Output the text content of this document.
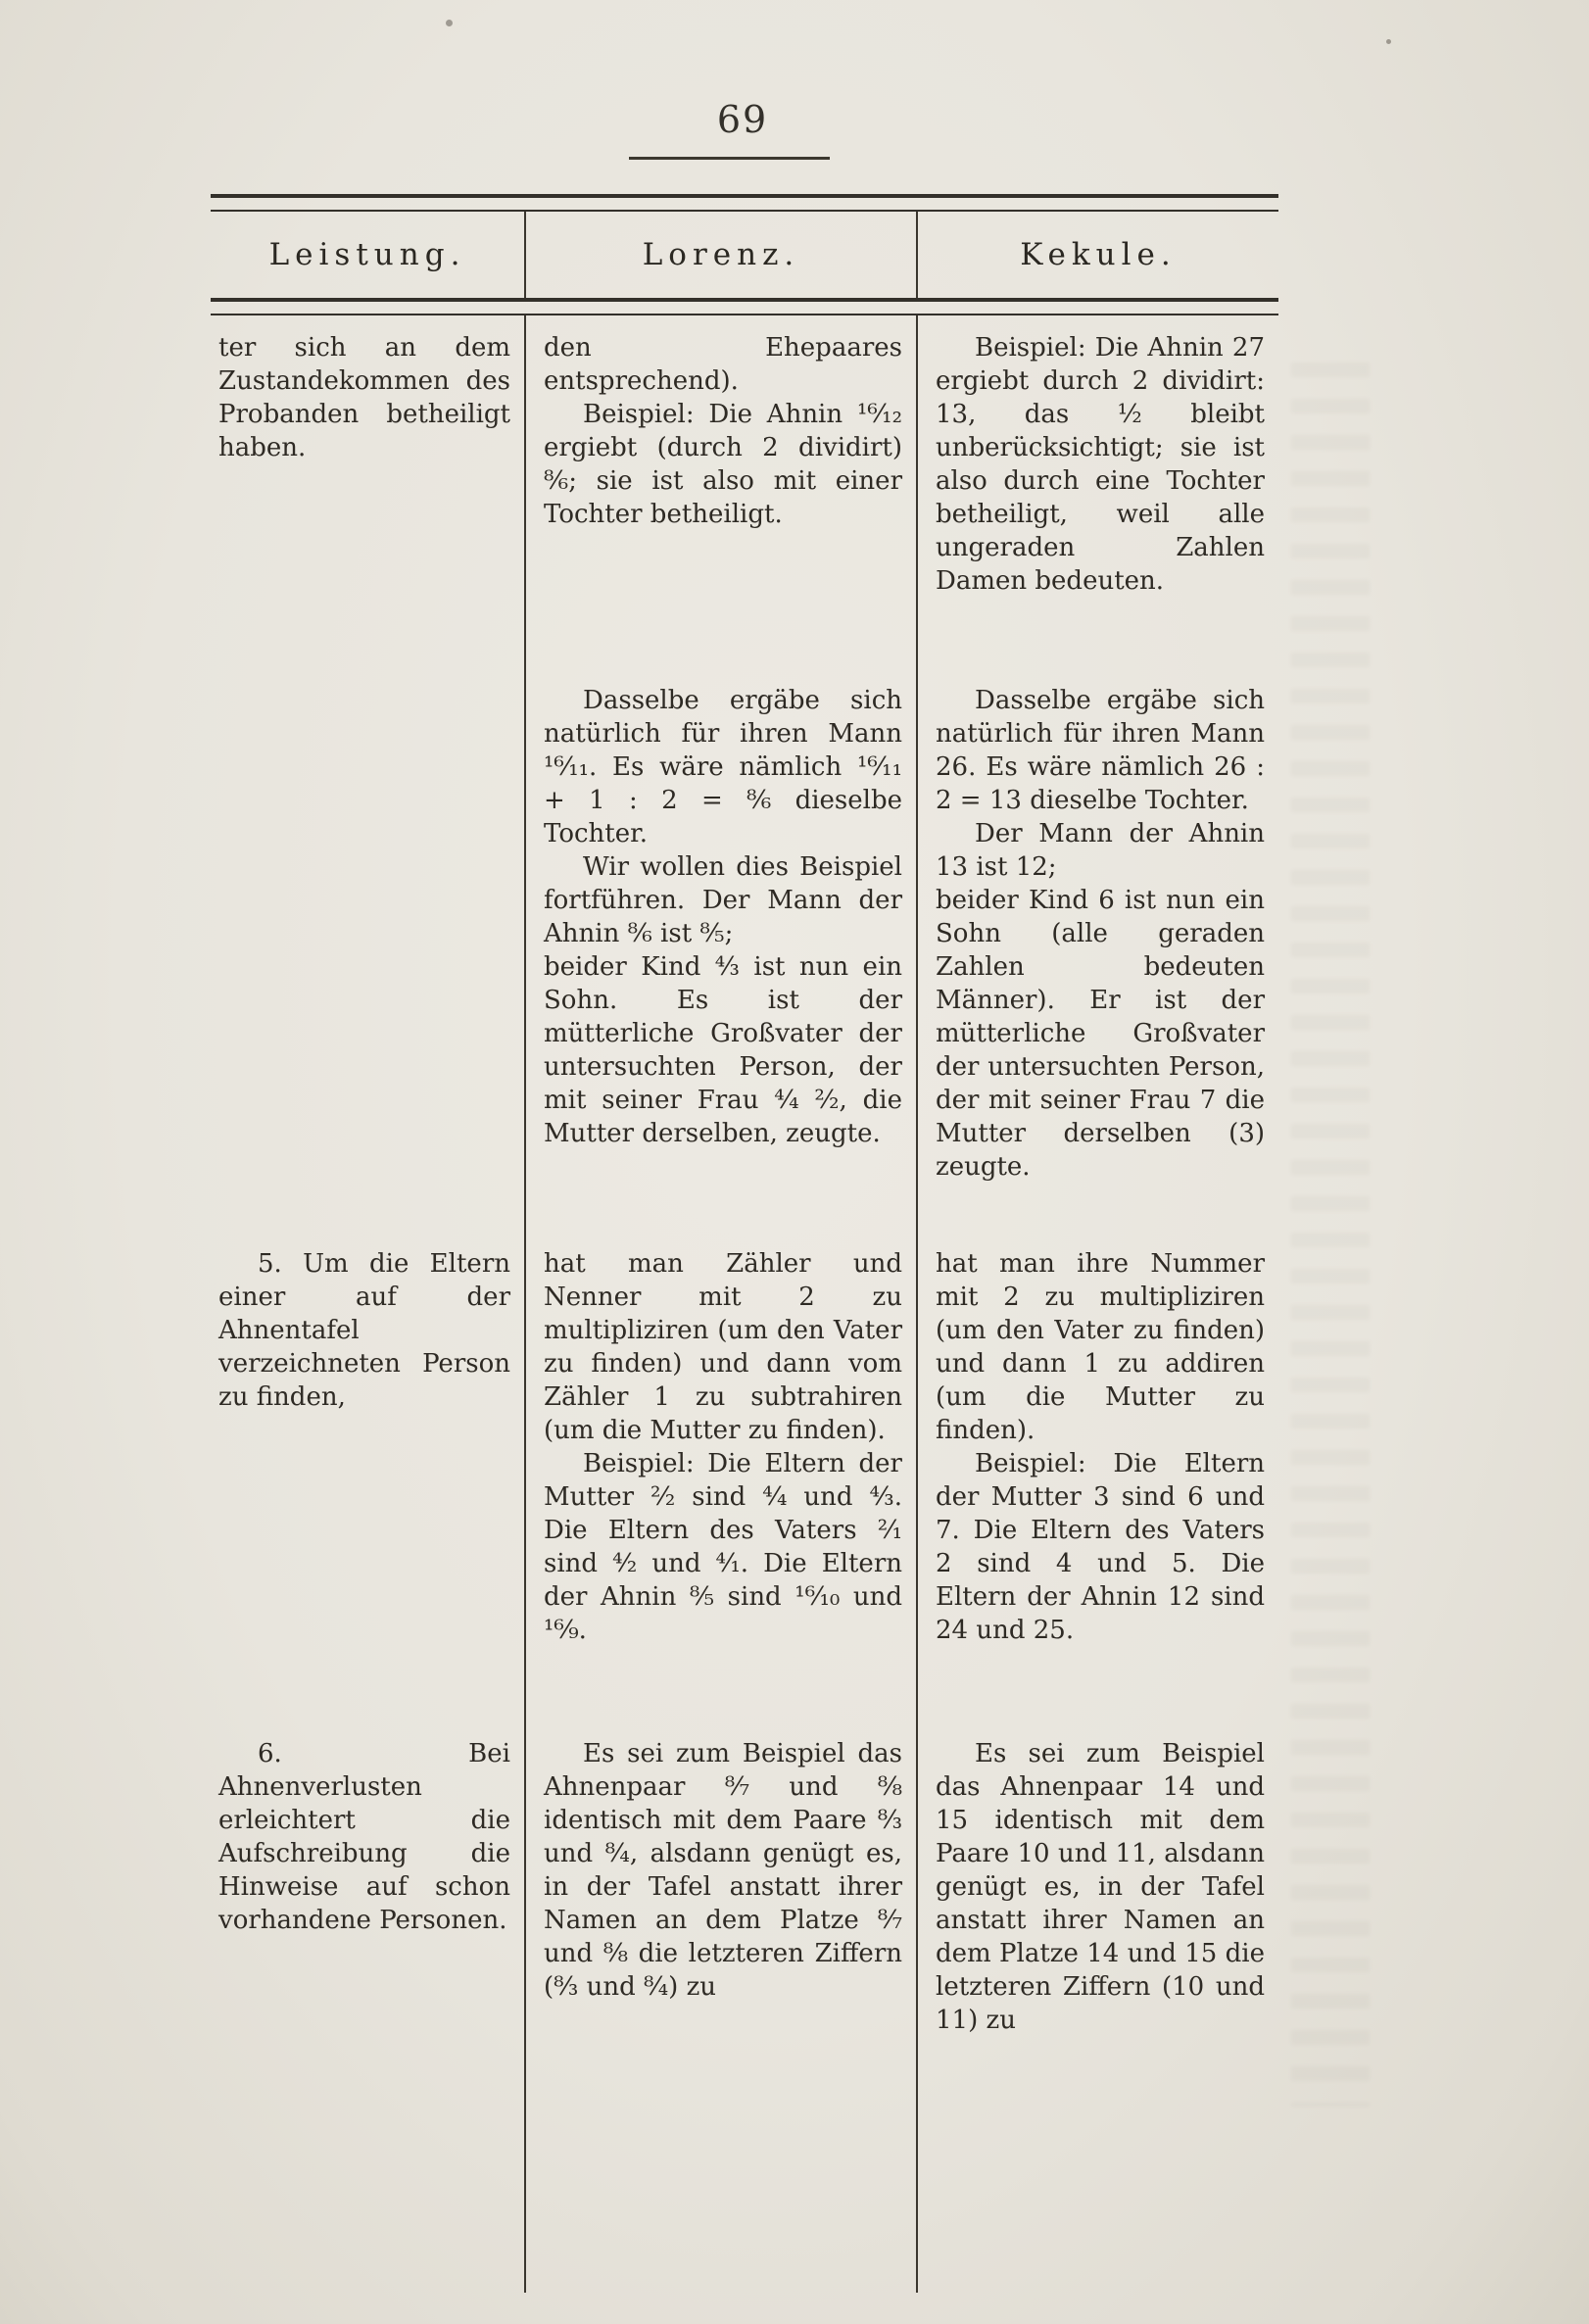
69
Leistung.	Lorenz.	Kekule.

ter sich an dem Zustandekommen des Probanden betheiligt haben.

den Ehepaares entsprechend).

Beispiel: Die Ahnin ¹⁶⁄₁₂ ergiebt (durch 2 dividirt) ⁸⁄₆; sie ist also mit einer Tochter betheiligt.

Beispiel: Die Ahnin 27 ergiebt durch 2 dividirt: 13, das ¹⁄₂ bleibt unberücksichtigt; sie ist also durch eine Tochter betheiligt, weil alle ungeraden Zahlen Damen bedeuten.

Dasselbe ergäbe sich natürlich für ihren Mann ¹⁶⁄₁₁. Es wäre nämlich ¹⁶⁄₁₁ + 1 : 2 = ⁸⁄₆ dieselbe Tochter.

Wir wollen dies Beispiel fortführen. Der Mann der Ahnin ⁸⁄₆ ist ⁸⁄₅;

beider Kind ⁴⁄₃ ist nun ein Sohn. Es ist der mütterliche Großvater der untersuchten Person, der mit seiner Frau ⁴⁄₄ ²⁄₂, die Mutter derselben, zeugte.

Dasselbe ergäbe sich natürlich für ihren Mann 26. Es wäre nämlich 26 : 2 = 13 dieselbe Tochter.

Der Mann der Ahnin 13 ist 12;

beider Kind 6 ist nun ein Sohn (alle geraden Zahlen bedeuten Männer). Er ist der mütterliche Großvater der untersuchten Person, der mit seiner Frau 7 die Mutter derselben (3) zeugte.

5. Um die Eltern einer auf der Ahnentafel verzeichneten Person zu finden,

hat man Zähler und Nenner mit 2 zu multipliziren (um den Vater zu finden) und dann vom Zähler 1 zu subtrahiren (um die Mutter zu finden).

Beispiel: Die Eltern der Mutter ²⁄₂ sind ⁴⁄₄ und ⁴⁄₃. Die Eltern des Vaters ²⁄₁ sind ⁴⁄₂ und ⁴⁄₁. Die Eltern der Ahnin ⁸⁄₅ sind ¹⁶⁄₁₀ und ¹⁶⁄₉.

hat man ihre Nummer mit 2 zu multipliziren (um den Vater zu finden) und dann 1 zu addiren (um die Mutter zu finden).

Beispiel: Die Eltern der Mutter 3 sind 6 und 7. Die Eltern des Vaters 2 sind 4 und 5. Die Eltern der Ahnin 12 sind 24 und 25.

6. Bei Ahnenverlusten erleichtert die Aufschreibung die Hinweise auf schon vorhandene Personen.

Es sei zum Beispiel das Ahnenpaar ⁸⁄₇ und ⁸⁄₈ identisch mit dem Paare ⁸⁄₃ und ⁸⁄₄, alsdann genügt es, in der Tafel anstatt ihrer Namen an dem Platze ⁸⁄₇ und ⁸⁄₈ die letzteren Ziffern (⁸⁄₃ und ⁸⁄₄) zu

Es sei zum Beispiel das Ahnenpaar 14 und 15 identisch mit dem Paare 10 und 11, alsdann genügt es, in der Tafel anstatt ihrer Namen an dem Platze 14 und 15 die letzteren Ziffern (10 und 11) zu
